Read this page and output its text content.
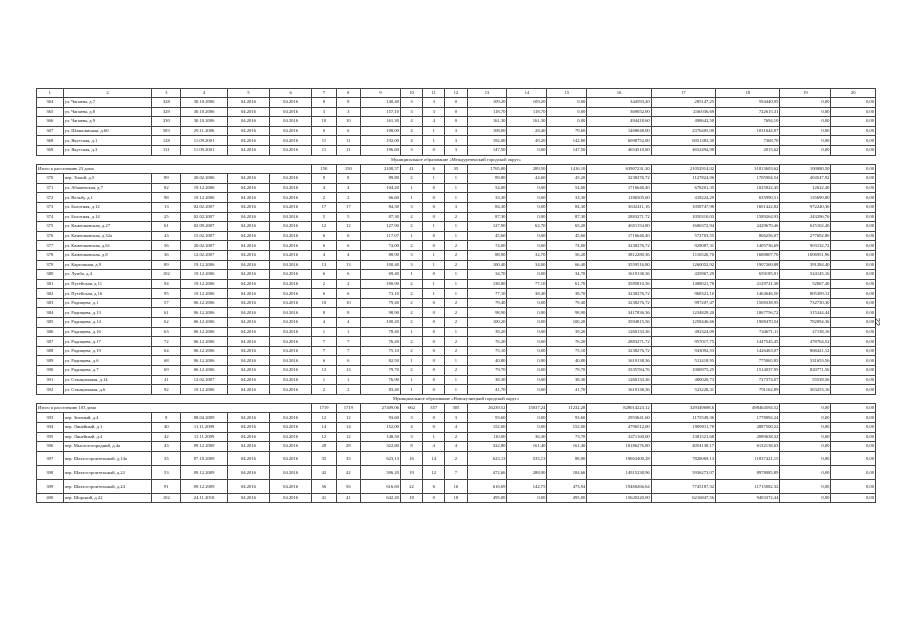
1	2	3	4	5	6	7	8	9	10	11	12	13	14	15	16	17	18	19	20
364	ул. Чапаева, д.7	328	30.10.2006	04.2016	04.2016	8	8	140,40	3	3	0	109,20	109,20	0,00	344593,20	285147,25	594440,95	0,00	0,00
365	ул. Чапаева, д.8	329	30.10.2006	04.2016	04.2016	3	3	157,10	3	3	0	118,70	118,70	0,00	369052,00	236/036,69	722615,31	0,00	0,00
366	ул. Чапаева, д.9	330	30.10.2006	04.2016	04.2016	10	10	161,30	4	4	0	161,30	161,30	0,00	494418,60	498642,50	7694,10	0,00	0,00
367	ул. Шлаковичная, д.60	583	29.11.2006	04.2016	04.2016	6	6	108,00	4	1	3	108,00	28,40	79,60	1468048,00	2376405,00	1031644,97	0,00	0,00
368	ул. Якутская, д.1	128	11.09.2001	04.2016	04.2016	11	11	192,00	4	1	3	192,00	49,20	142,80	6098752,00	6051383,30	7368,70	0,00	0,00
369	ул. Якутская, д.3	131	11.09.2001	04.2016	04.2016	11	11	196,60	3	0	3	147,50	0,00	147,50	4654510,60	4652494,98	2015,62	0,00	0,00
Муниципальное образование «Междуреченский городской округ»																			
Итого к расселению 23 дома						150	150	2108,57	41	6	35	1765,00	289,50	1416,10	63907231,20	21052914,02	31813603,62	100080,50	0,00
370	пер. Тихий, д.5	89	20.02.2006	04.2016	04.2016	8	8	89,80	2	1	1	89,80	44,60	45,20	3238276,72	1127824,06	1705904,54	404547,92	0,00
371	ул. Абашевская, д.7	82	19.12.2006	04.2016	04.2016	4	4	104,20	1	0	1	54,00	0,00	54,00	1716646,40	678201,35	1025822,45	12622,40	0,00
372	ул. Вельбу, д.1	98	19.12.2006	04.2016	04.2016	2	2	66,60	1	0	1	33,30	0,00	33,30	1186505,60	418224,29	635990,51	135690,80	0,00
373	ул. Болотная, д.12	13	02.02.2007	04.2016	04.2016	17	17	84,30	3	0	3	84,30	0,00	84,30	3632411,16	1058747,98	1601422,82	972240,36	0,00
374	ул. Болотная, д.14	25	02.02.2007	04.2016	04.2016	5	5	87,30	2	0	2	87,30	0,00	87,30	2883271,72	1050310,03	1589264,93	243296,76	0,00
375	ул. Камешковская, д.27	61	02.09.2007	04.2016	04.2016	12	12	127,90	2	1	1	127,90	62,70	65,20	4651154,80	1606372,94	2429679,46	615102,40	0,00
376	ул. Камешковская, д.32а	43	15.02.2007	04.2016	04.2016	6	6	117,07	1	0	1	45,60	0,00	45,60	1716646,40	572703,55	866256,07	277692,80	0,00
377	ул. Камешковская, д.61	56	20.02.2007	04.2016	04.2016	6	6	74,00	2	0	2	74,00	0,00	74,00	3238276,72	929087,31	1405736,69	903132,72	0,00
378	ул. Камешковская, д.8	36	12.02.2007	04.2016	04.2016	4	4	88,90	3	1	2	88,90	32,70	56,20	3812280,36	1116520,70	1688807,70	1006951,96	0,00
379	ул. Картошная, д.9	89	19.12.2006	04.2016	04.2016	13	13	100,40	3	1	2	100,40	34,00	66,40	3559516,80	1260052,92	1907269,88	391284,40	0,00
380	ул. Лумба, д.4	102	19.12.2006	04.2016	04.2016	6	6	69,40	1	0	1	34,70	0,00	34,70	1619138,36	435867,29	659185,91	524145,16	0,00
381	ул. Путейская, д.11	94	19.12.2006	04.2016	04.2016	2	2	190,90	2	1	1	138,80	77,10	61,70	3585810,56	1408021,78	2129721,38	52067,40	0,00
382	ул. Путейская, д.16	95	19.12.2006	04.2016	04.2016	6	6	73,10	2	1	1	77,10	38,40	38,70	3238276,72	968321,10	1464646,50	805309,12	0,00
383	ул. Радищева, д.1	57	06.12.2006	04.2016	04.2016	10	10	79,40	2	0	2	79,40	0,00	79,40	3238276,72	997207,47	1508338,95	732730,30	0,00
384	ул. Радищева, д.13	61	06.12.2006	04.2016	04.2016	8	8	98,90	2	0	2	98,90	0,00	98,90	3417836,36	1234829,20	1867756,72	315244,44	0,00
385	ул. Радищева, д.14	62	06.12.2006	04.2016	04.2016	4	4	100,20	2	0	2	100,20	0,00	100,20	3594815,56	1258446,66	1908470,54	782094,36	0,00
386	ул. Радищева, д.16	63	06.12.2006	04.2016	04.2016	1	1	78,40	1	0	1	39,20	0,00	39,20	1260133,36	492324,09	744671,11	27138,16	0,00
387	ул. Радищева, д.17	72	06.12.2006	04.2016	04.2016	7	7	76,20	2	0	2	76,20	0,00	76,20	2883271,72	957017,75	1447545,45	478764,52	0,00
388	ул. Радищева, д.19	64	06.12.2006	04.2016	04.2016	7	7	75,10	2	0	2	75,10	0,00	75,10	3238276,72	943092,53	1426463,07	868421,12	0,00
389	ул. Радищева, д.6	68	06.12.2006	04.2016	04.2016	6	6	82,50	1	0	1	40,80	0,00	40,80	1619138,36	512418,95	775065,85	331653,56	0,00
390	ул. Радищева, д.7	69	06.12.2006	04.2016	04.2016	13	13	79,70	2	0	2	79,70	0,00	79,70	3335784,76	1000975,25	1514037,95	820771,56	0,00
391	ул. Станционная, д.14	41	12.02.2007	04.2016	04.2016	1	1	76,90	1	0	1	38,30	0,00	38,30	1260133,36	480020,73	727374,07	55538,56	0,00
392	ул. Станционная, д.6	92	19.12.2006	04.2016	04.2016	2	2	83,40	1	0	1	41,70	0,00	41,70	1619138,36	523228,31	791162,89	303253,16	0,00
Муниципальное образование «Новокузнецкий городской округ»																			
Итого к расселению 103 дома						1719	1719	27409,06	662	357	305	26239,52	15037,24	11232,28	828014223,12	329349698,6	498464594,52	0,00	0,00
393	пер. Зеленый, д.4	8	08.04.2009	04.2016	04.2016	12	12	93,60	3	0	3	93,60	0,00	93,60	2953641,60	1175549,36	1778092,24	0,00	0,00
394	пер. Линейный, д.1	40	11.11.2009	04.2016	04.2016	14	14	152,00	4	0	4	152,00	0,00	152,00	4796512,00	1909011,78	2887500,22	0,00	0,00
395	пер. Линейный, д.4	42	11.11.2009	04.2016	04.2016	12	12	148,50	3	1	2	110,00	36,30	73,70	3471160,00	1381521,68	2089638,32	0,00	0,00
396	пер. Мыслотогородний, д.4а	43	09.12.2009	04.2016	04.2016	28	28	322,80	8	4	4	322,80	161,40	161,40	10186276,80	4054138,17	6132138,63	0,00	0,00
397	пер. Шахтостроительный, д.14а	35	07.10.2009	04.2016	04.2016	35	35	623,13	16	14	2	623,13	535,13	88,00	19663400,28	7826069,13	11837421,15	0,00	0,00
398	пер. Шахтостроительный, д.22	53	09.12.2009	04.2016	04.2016	42	42	506,20	19	12	7	472,66	288,00	184,66	14915238,96	5936273,07	8978085,89	0,00	0,00
399	пер. Шахтостроительный, д.24	91	09.12.2009	04.2016	04.2016	56	56	616,69	22	6	16	616,69	142,75	473,94	19460266,64	7745187,32	11715082,32	0,00	0,00
400	пер. Шорский, д.22	102	24.11.2010	04.2016	04.2016	41	41	642,20	18	0	18	495,00	0,00	495,00	15620220,00	6216847,56	9403372,44	0,00	0,00
22
